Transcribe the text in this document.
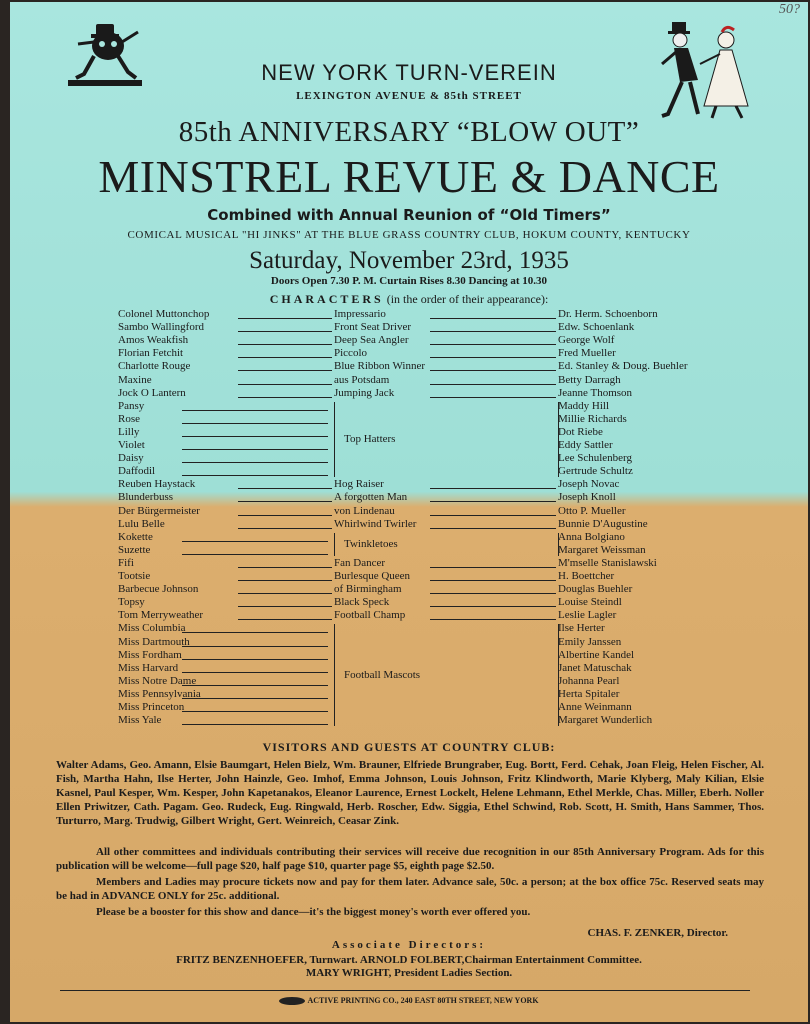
50?
NEW YORK TURN-VEREIN
LEXINGTON AVENUE & 85th STREET
85th ANNIVERSARY “BLOW OUT”
MINSTREL REVUE & DANCE
Combined with Annual Reunion of “Old Timers”
COMICAL MUSICAL "HI JINKS" AT THE BLUE GRASS COUNTRY CLUB, HOKUM COUNTY, KENTUCKY
Saturday, November 23rd, 1935
Doors Open 7.30 P. M. Curtain Rises 8.30 Dancing at 10.30
CHARACTERS (in the order of their appearance):
Colonel Muttonchop	Impressario	Dr. Herm. Schoenborn
Sambo Wallingford	Front Seat Driver	Edw. Schoenlank
Amos Weakfish	Deep Sea Angler	George Wolf
Florian Fetchit	Piccolo	Fred Mueller
Charlotte Rouge	Blue Ribbon Winner	Ed. Stanley & Doug. Buehler
Maxine	aus Potsdam	Betty Darragh
Jock O Lantern	Jumping Jack	Jeanne Thomson
Pansy	Maddy Hill
Rose	Millie Richards
Lilly	Dot Riebe
Violet	Eddy Sattler
Daisy	Lee Schulenberg
Daffodil	Gertrude Schultz
Top Hatters
Reuben Haystack	Hog Raiser	Joseph Novac
Blunderbuss	A forgotten Man	Joseph Knoll
Der Bürgermeister	von Lindenau	Otto P. Mueller
Lulu Belle	Whirlwind Twirler	Bunnie D'Augustine
Kokette	Anna Bolgiano
Suzette	Margaret Weissman
Twinkletoes
Fifi	Fan Dancer	M'mselle Stanislawski
Tootsie	Burlesque Queen	H. Boettcher
Barbecue Johnson	of Birmingham	Douglas Buehler
Topsy	Black Speck	Louise Steindl
Tom Merryweather	Football Champ	Leslie Lagler
Miss Columbia	Ilse Herter
Miss Dartmouth	Emily Janssen
Miss Fordham	Albertine Kandel
Miss Harvard	Janet Matuschak
Miss Notre Dame	Johanna Pearl
Miss Pennsylvania	Herta Spitaler
Miss Princeton	Anne Weinmann
Miss Yale	Margaret Wunderlich
Football Mascots
VISITORS AND GUESTS AT COUNTRY CLUB:
Walter Adams, Geo. Amann, Elsie Baumgart, Helen Bielz, Wm. Brauner, Elfriede Brungraber, Eug. Bortt, Ferd. Cehak, Joan Fleig, Helen Fischer, Al. Fish, Martha Hahn, Ilse Herter, John Hainzle, Geo. Imhof, Emma Johnson, Louis Johnson, Fritz Klindworth, Marie Klyberg, Maly Kilian, Elsie Kasnel, Paul Kesper, Wm. Kesper, John Kapetanakos, Eleanor Laurence, Ernest Lockelt, Helene Lehmann, Ethel Merkle, Chas. Miller, Eberh. Noller Ellen Priwitzer, Cath. Pagam. Geo. Rudeck, Eug. Ringwald, Herb. Roscher, Edw. Siggia, Ethel Schwind, Rob. Scott, H. Smith, Hans Sammer, Thos. Turturro, Marg. Trudwig, Gilbert Wright, Gert. Weinreich, Ceasar Zink.
All other committees and individuals contributing their services will receive due recognition in our 85th Anniversary Program. Ads for this publication will be welcome—full page $20, half page $10, quarter page $5, eighth page $2.50.
Members and Ladies may procure tickets now and pay for them later. Advance sale, 50c. a person; at the box office 75c. Reserved seats may be had in ADVANCE ONLY for 25c. additional.
Please be a booster for this show and dance—it's the biggest money's worth ever offered you.
CHAS. F. ZENKER, Director.
Associate Directors:
FRITZ BENZENHOEFER, Turnwart. ARNOLD FOLBERT,Chairman Entertainment Committee.
MARY WRIGHT, President Ladies Section.
ACTIVE PRINTING CO., 240 EAST 80TH STREET, NEW YORK
